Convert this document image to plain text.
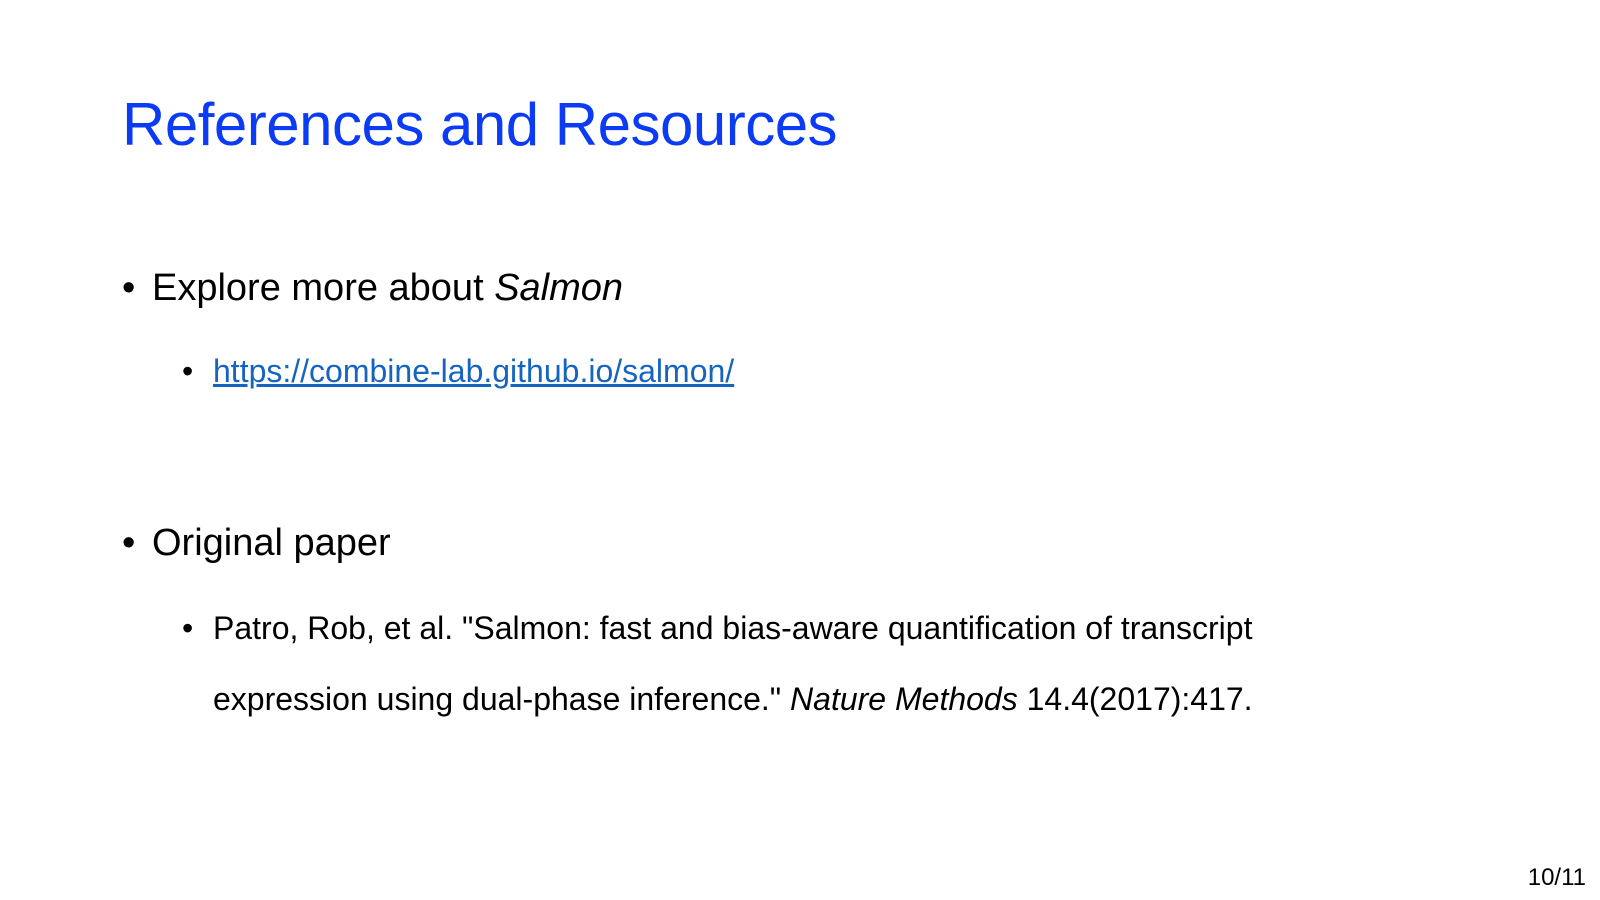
References and Resources
• Explore more about Salmon
• https://combine-lab.github.io/salmon/
• Original paper
• Patro, Rob, et al. "Salmon: fast and bias-aware quantification of transcript
expression using dual-phase inference." Nature Methods 14.4(2017):417.
10/11
